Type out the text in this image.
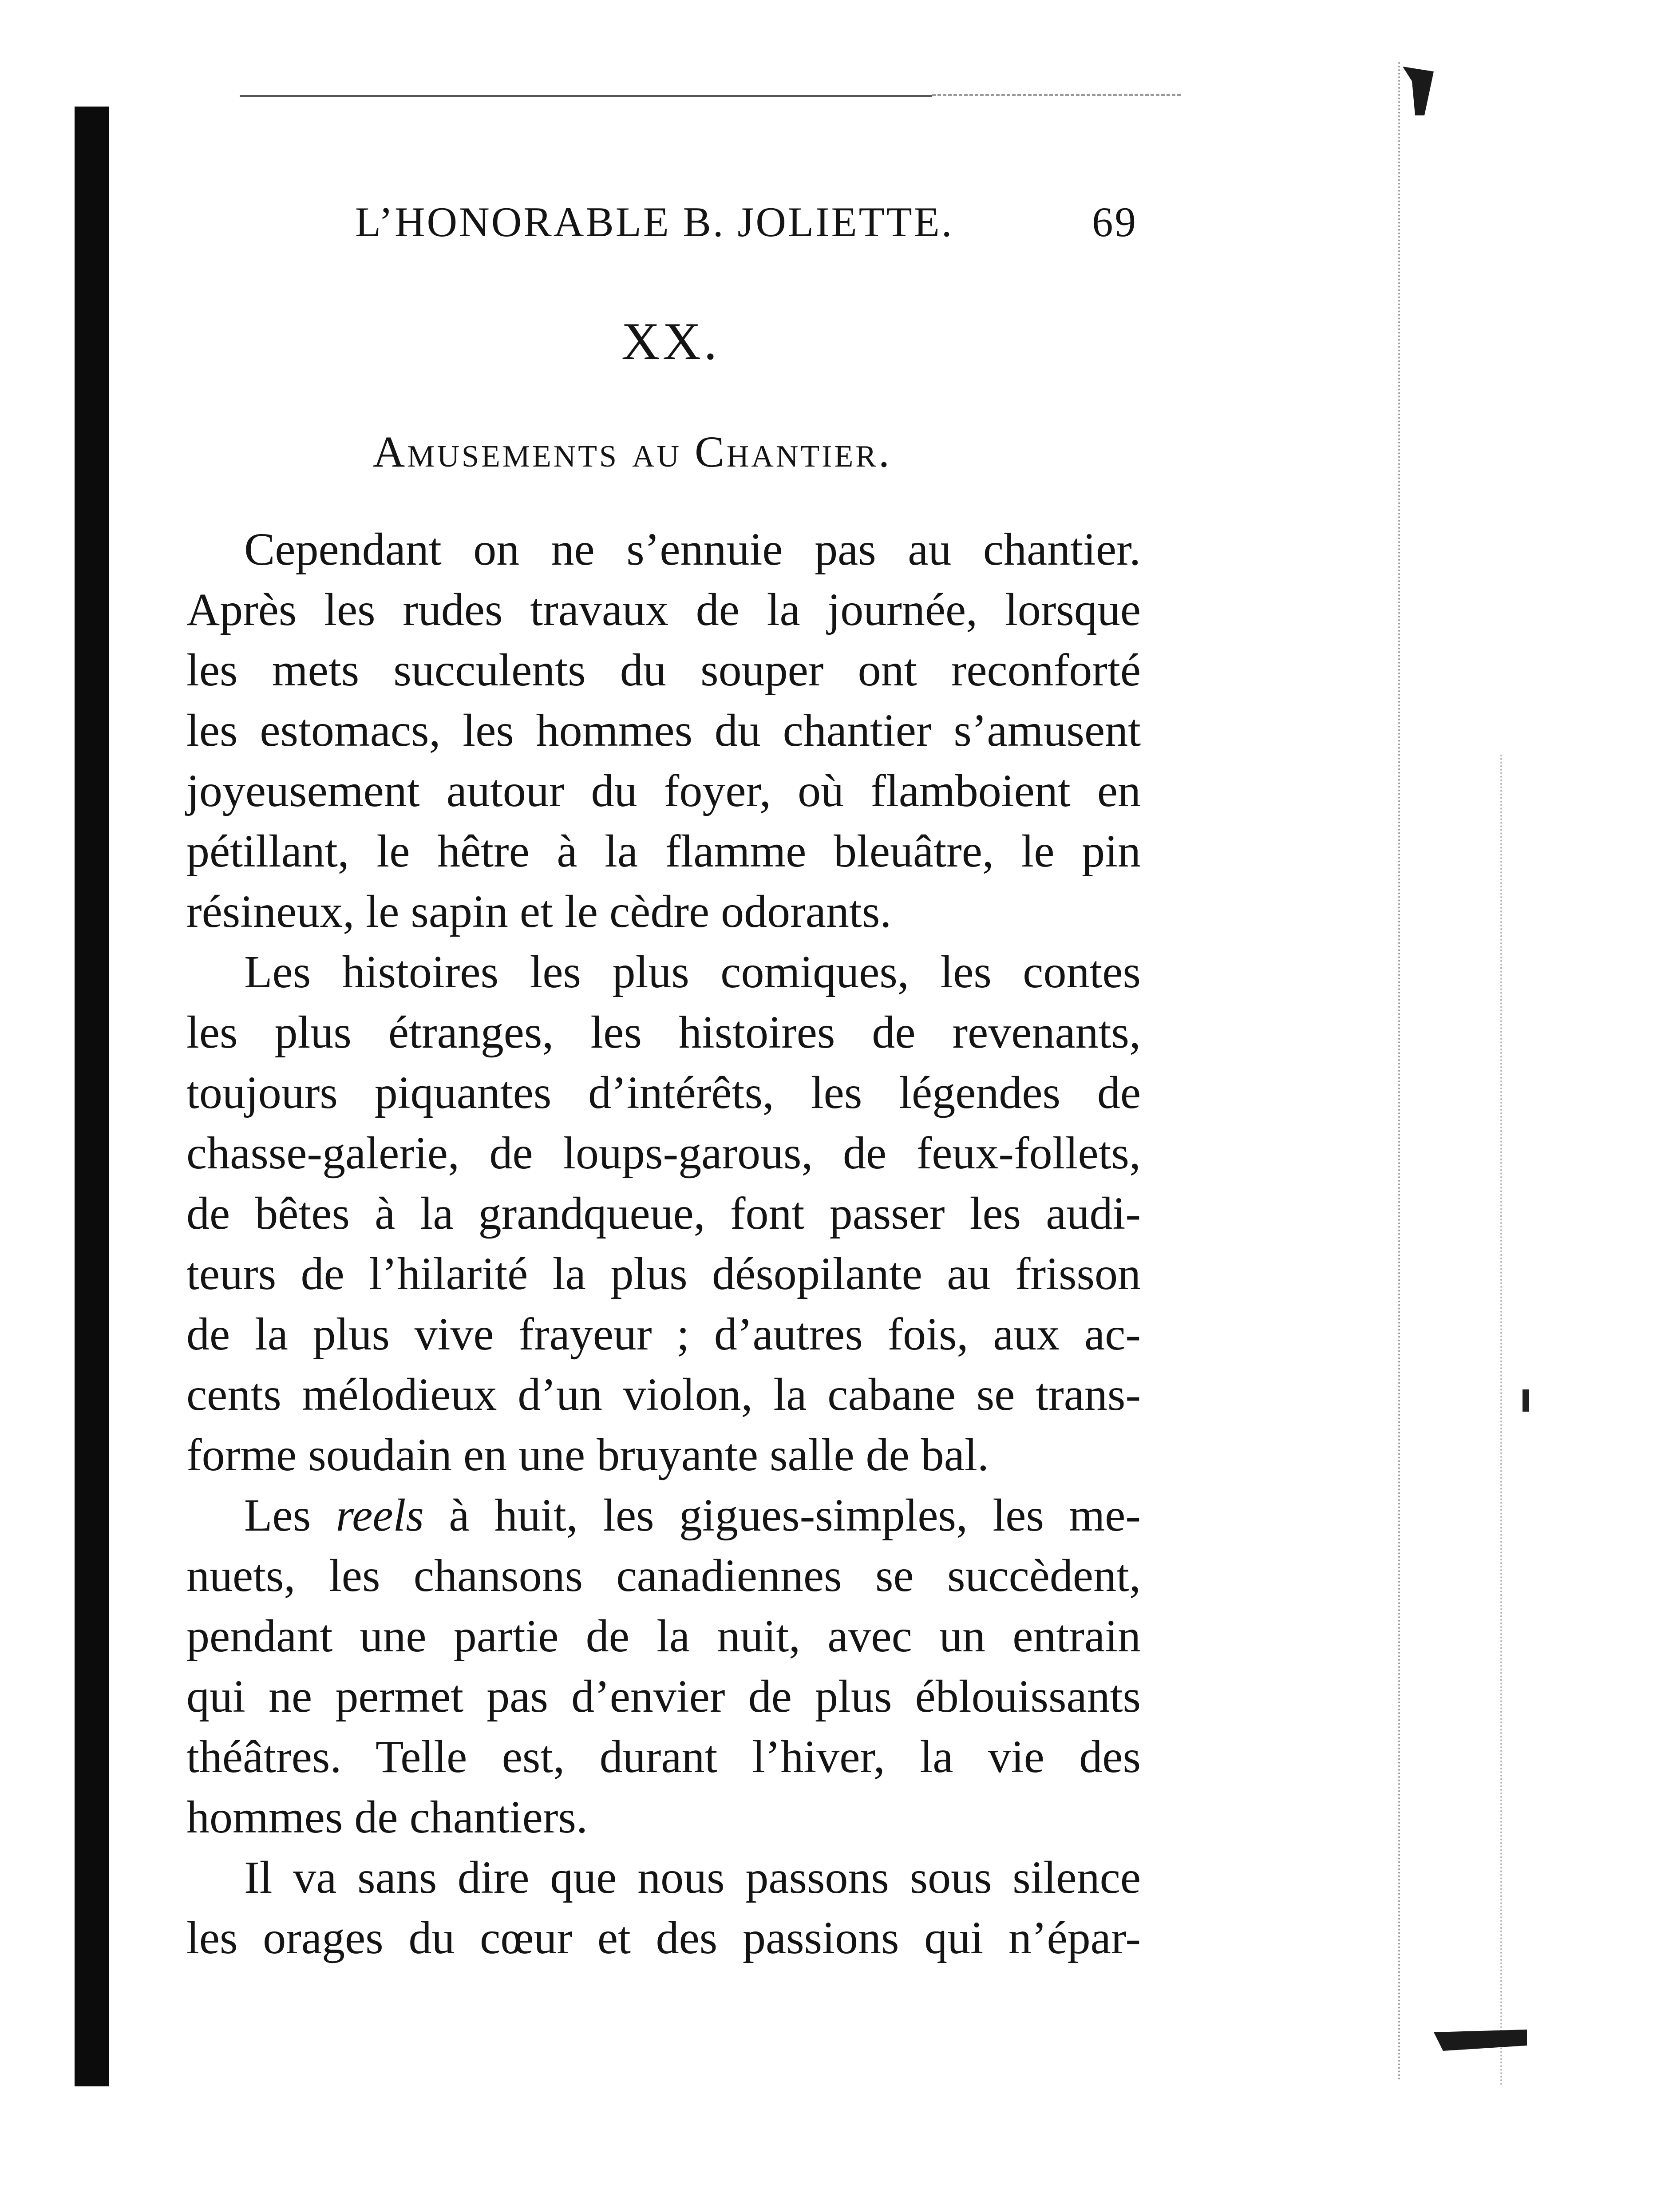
L’HONORABLE B. JOLIETTE.	69
XX.
Amusements au Chantier.
Cependant on ne s’ennuie pas au chantier.
Après les rudes travaux de la journée, lorsque
les mets succulents du souper ont reconforté
les estomacs, les hommes du chantier s’amusent
joyeusement autour du foyer, où flamboient en
pétillant, le hêtre à la flamme bleuâtre, le pin
résineux, le sapin et le cèdre odorants.
Les histoires les plus comiques, les contes
les plus étranges, les histoires de revenants,
toujours piquantes d’intérêts, les légendes de
chasse-galerie, de loups-garous, de feux-follets,
de bêtes à la grandqueue, font passer les audi-
teurs de l’hilarité la plus désopilante au frisson
de la plus vive frayeur ; d’autres fois, aux ac-
cents mélodieux d’un violon, la cabane se trans-
forme soudain en une bruyante salle de bal.
Les reels à huit, les gigues-simples, les me-
nuets, les chansons canadiennes se succèdent,
pendant une partie de la nuit, avec un entrain
qui ne permet pas d’envier de plus éblouissants
théâtres. Telle est, durant l’hiver, la vie des
hommes de chantiers.
Il va sans dire que nous passons sous silence
les orages du cœur et des passions qui n’épar-
